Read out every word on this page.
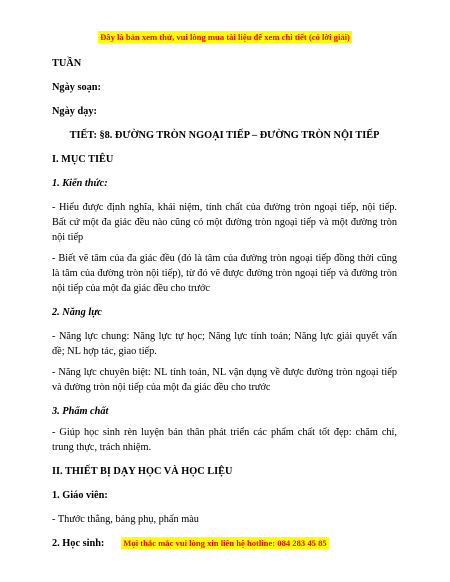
Đây là bản xem thử, vui lòng mua tài liệu để xem chi tiết (có lời giải)

TUẦN

Ngày soạn:

Ngày dạy:

TIẾT: §8. ĐƯỜNG TRÒN NGOẠI TIẾP – ĐƯỜNG TRÒN NỘI TIẾP

I. MỤC TIÊU

1. Kiến thức:

- Hiểu được định nghĩa, khái niệm, tính chất của đường tròn ngoại tiếp, nội tiếp. Bất cứ một đa giác đều nào cũng có một đường tròn ngoại tiếp và một đường tròn nội tiếp

- Biết vẽ tâm của đa giác đều (đó là tâm của đường tròn ngoại tiếp đồng thời cũng là tâm của đường tròn nội tiếp), từ đó vẽ được đường tròn ngoại tiếp và đường tròn nội tiếp của một đa giác đều cho trước

2. Năng lực

- Năng lực chung: Năng lực tự học; Năng lực tính toán; Năng lực giải quyết vấn đề; NL hợp tác, giao tiếp.

- Năng lực chuyên biệt: NL tính toán, NL vận dụng về được đường tròn ngoại tiếp và đường tròn nội tiếp của một đa giác đều cho trước

3. Phẩm chất

- Giúp học sinh rèn luyện bản thân phát triển các phẩm chất tốt đẹp: chăm chỉ, trung thực, trách nhiệm.

II. THIẾT BỊ DẠY HỌC VÀ HỌC LIỆU

1. Giáo viên:

- Thước thẳng, bảng phụ, phấn màu

2. Học sinh:	Mọi thắc mắc vui lòng xin liên hệ hotline: 084 283 45 85
